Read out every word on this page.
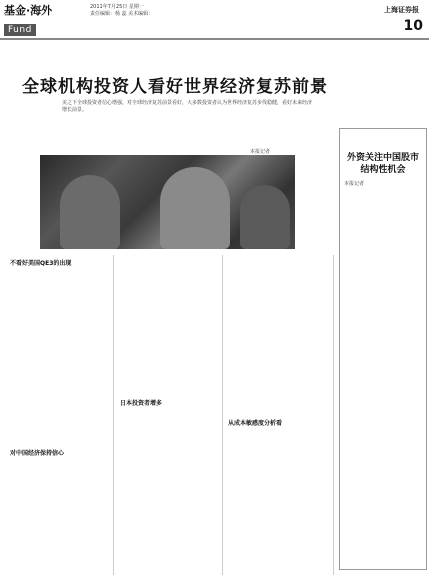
基金·海外
Fund
2011年7月25日 星期一
责任编辑：杨 蕊 美术编辑：	上海证券报
10
全球机构投资人看好世界经济复苏前景
美之下全球投资者信心增强，对全球经济复苏前景看好，大多数投资者认为世界经济复苏步伐稳健，看好未来经济增长前景。
本报记者
外资关注中国股市结构性机会
本报记者
不看好美国QE3的出现
对中国经济保持信心
日本投资者增多
从成本敏感度分析看
